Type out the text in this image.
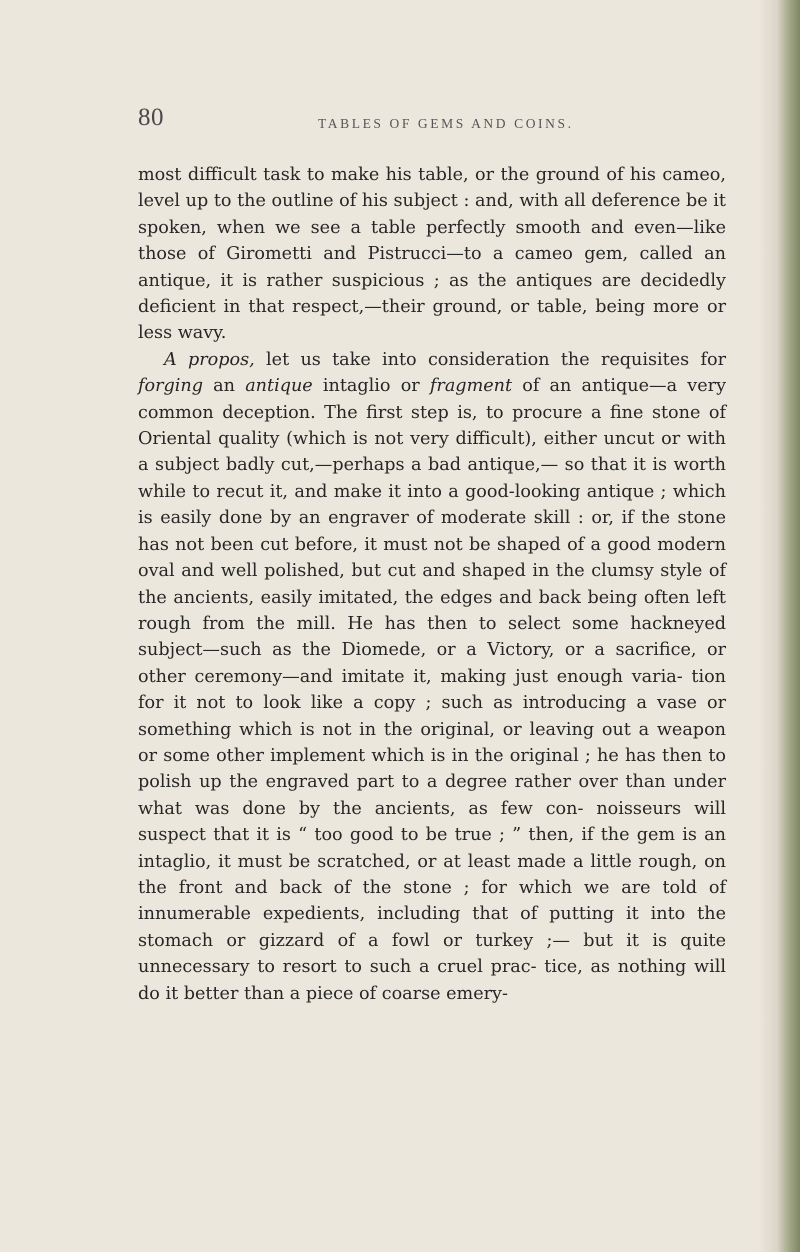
80	TABLES OF GEMS AND COINS.

most difficult task to make his table, or the ground of his cameo, level up to the outline of his subject : and, with all deference be it spoken, when we see a table perfectly smooth and even—like those of Girometti and Pistrucci—to a cameo gem, called an antique, it is rather suspicious ; as the antiques are decidedly deficient in that respect,—their ground, or table, being more or less wavy.

A propos, let us take into consideration the requisites for forging an antique intaglio or fragment of an antique—a very common deception. The first step is, to procure a fine stone of Oriental quality (which is not very difficult), either uncut or with a subject badly cut,—perhaps a bad antique,— so that it is worth while to recut it, and make it into a good-looking antique ; which is easily done by an engraver of moderate skill : or, if the stone has not been cut before, it must not be shaped of a good modern oval and well polished, but cut and shaped in the clumsy style of the ancients, easily imitated, the edges and back being often left rough from the mill. He has then to select some hackneyed subject—such as the Diomede, or a Victory, or a sacrifice, or other ceremony—and imitate it, making just enough varia- tion for it not to look like a copy ; such as introducing a vase or something which is not in the original, or leaving out a weapon or some other implement which is in the original ; he has then to polish up the engraved part to a degree rather over than under what was done by the ancients, as few con- noisseurs will suspect that it is “ too good to be true ; ” then, if the gem is an intaglio, it must be scratched, or at least made a little rough, on the front and back of the stone ; for which we are told of innumerable expedients, including that of putting it into the stomach or gizzard of a fowl or turkey ;— but it is quite unnecessary to resort to such a cruel prac- tice, as nothing will do it better than a piece of coarse emery-
